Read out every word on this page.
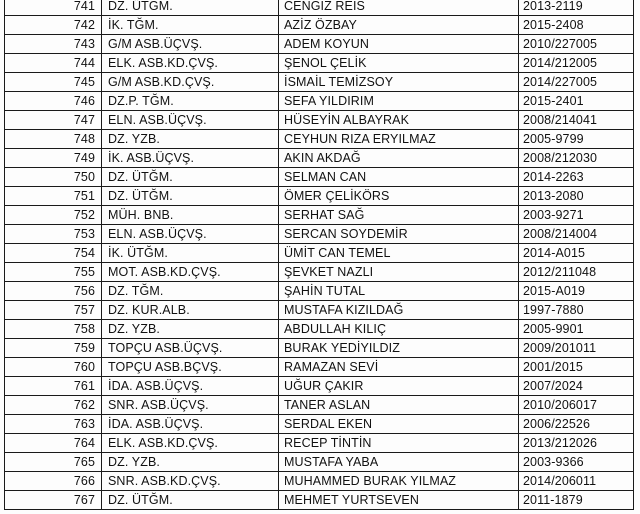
741	DZ. ÜTĞM.	CENGİZ REİS	2013-2119
742	İK. TĞM.	AZİZ ÖZBAY	2015-2408
743	G/M ASB.ÜÇVŞ.	ADEM KOYUN	2010/227005
744	ELK. ASB.KD.ÇVŞ.	ŞENOL ÇELİK	2014/212005
745	G/M ASB.KD.ÇVŞ.	İSMAİL TEMİZSOY	2014/227005
746	DZ.P. TĞM.	SEFA YILDIRIM	2015-2401
747	ELN. ASB.ÜÇVŞ.	HÜSEYİN ALBAYRAK	2008/214041
748	DZ. YZB.	CEYHUN RIZA ERYILMAZ	2005-9799
749	İK. ASB.ÜÇVŞ.	AKIN AKDAĞ	2008/212030
750	DZ. ÜTĞM.	SELMAN CAN	2014-2263
751	DZ. ÜTĞM.	ÖMER ÇELİKÖRS	2013-2080
752	MÜH. BNB.	SERHAT SAĞ	2003-9271
753	ELN. ASB.ÜÇVŞ.	SERCAN SOYDEMİR	2008/214004
754	İK. ÜTĞM.	ÜMİT CAN TEMEL	2014-A015
755	MOT. ASB.KD.ÇVŞ.	ŞEVKET NAZLI	2012/211048
756	DZ. TĞM.	ŞAHİN TUTAL	2015-A019
757	DZ. KUR.ALB.	MUSTAFA KIZILDAĞ	1997-7880
758	DZ. YZB.	ABDULLAH KILIÇ	2005-9901
759	TOPÇU ASB.ÜÇVŞ.	BURAK YEDİYILDIZ	2009/201011
760	TOPÇU ASB.BÇVŞ.	RAMAZAN SEVİ	2001/2015
761	İDA. ASB.ÜÇVŞ.	UĞUR ÇAKIR	2007/2024
762	SNR. ASB.ÜÇVŞ.	TANER ASLAN	2010/206017
763	İDA. ASB.ÜÇVŞ.	SERDAL EKEN	2006/22526
764	ELK. ASB.KD.ÇVŞ.	RECEP TİNTİN	2013/212026
765	DZ. YZB.	MUSTAFA YABA	2003-9366
766	SNR. ASB.KD.ÇVŞ.	MUHAMMED BURAK YILMAZ	2014/206011
767	DZ. ÜTĞM.	MEHMET YURTSEVEN	2011-1879
